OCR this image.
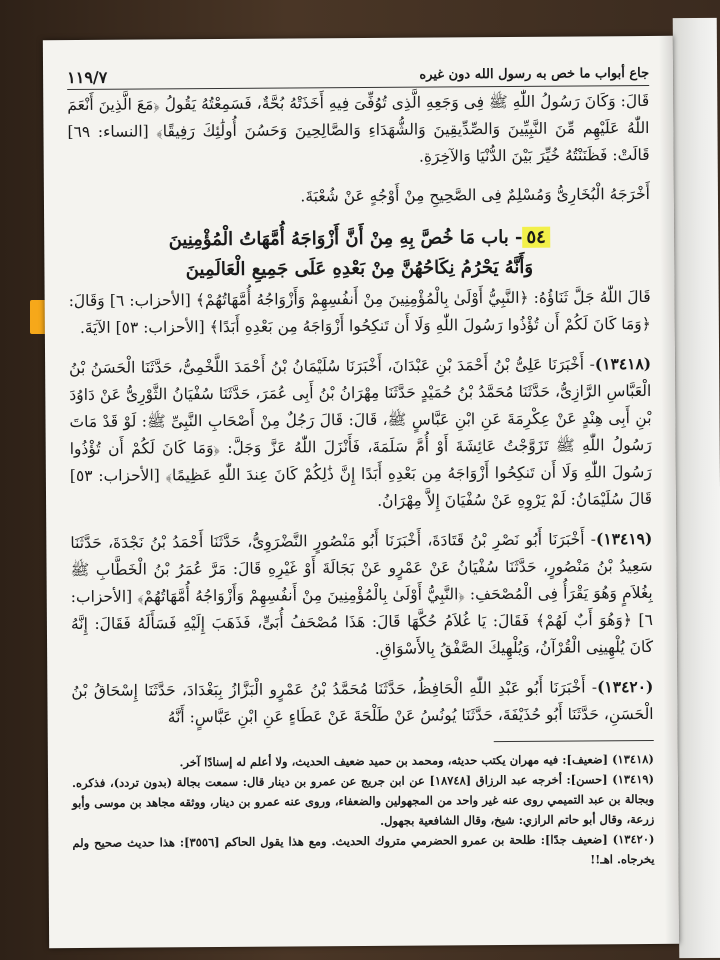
جاع أبواب ما خص به رسول الله دون غيره
١١٩/٧

قَالَ: وَكَانَ رَسُولُ اللّٰهِ ﷺ فِى وَجَعِهِ الَّذِى تُوُفِّىَ فِيهِ أَخَذَتْهُ بُحَّةٌ، فَسَمِعْتُهُ يَقُولُ ﴿مَعَ الَّذِينَ أَنْعَمَ اللّٰهُ عَلَيْهِم مِّنَ النَّبِيِّينَ وَالصِّدِّيقِينَ وَالشُّهَدَاءِ وَالصَّالِحِينَ وَحَسُنَ أُولَٰئِكَ رَفِيقًا﴾ [النساء: ٦٩] قَالَتْ: فَظَنَنْتُهُ خُيِّرَ بَيْنَ الدُّنْيَا وَالآخِرَةِ.

أَخْرَجَهُ الْبُخَارِىُّ وَمُسْلِمٌ فِى الصَّحِيحِ مِنْ أَوْجُهٍ عَنْ شُعْبَةَ.

٥٤- باب مَا خُصَّ بِهِ مِنْ أَنَّ أَزْوَاجَهُ أُمَّهَاتُ الْمُؤْمِنِينَ
وَأَنَّهُ يَحْرُمُ نِكَاحُهُنَّ مِنْ بَعْدِهِ عَلَى جَمِيعِ الْعَالَمِينَ

قَالَ اللّٰهُ جَلَّ ثَنَاؤُهُ: ﴿النَّبِيُّ أَوْلَىٰ بِالْمُؤْمِنِينَ مِنْ أَنفُسِهِمْ وَأَزْوَاجُهُ أُمَّهَاتُهُمْ﴾ [الأحزاب: ٦] وَقَالَ: ﴿وَمَا كَانَ لَكُمْ أَن تُؤْذُوا رَسُولَ اللّٰهِ وَلَا أَن تَنكِحُوا أَزْوَاجَهُ مِن بَعْدِهِ أَبَدًا﴾ [الأحزاب: ٥٣] الآيَةَ.

(١٣٤١٨)- أَخْبَرَنَا عَلِىُّ بْنُ أَحْمَدَ بْنِ عَبْدَانَ، أَخْبَرَنَا سُلَيْمَانُ بْنُ أَحْمَدَ اللَّخْمِىُّ، حَدَّثَنَا الْحَسَنُ بْنُ الْعَبَّاسِ الرَّازِىُّ، حَدَّثَنَا مُحَمَّدُ بْنُ حُمَيْدٍ حَدَّثَنَا مِهْرَانُ بْنُ أَبِى عُمَرَ، حَدَّثَنَا سُفْيَانُ الثَّوْرِىُّ عَنْ دَاوُدَ بْنِ أَبِى هِنْدٍ عَنْ عِكْرِمَةَ عَنِ ابْنِ عَبَّاسٍ ﷺ، قَالَ: قَالَ رَجُلٌ مِنْ أَصْحَابِ النَّبِىِّ ﷺ: لَوْ قَدْ مَاتَ رَسُولُ اللّٰهِ ﷺ تَزَوَّجْتُ عَائِشَةَ أَوْ أُمَّ سَلَمَةَ، فَأَنْزَلَ اللّٰهُ عَزَّ وَجَلَّ: ﴿وَمَا كَانَ لَكُمْ أَن تُؤْذُوا رَسُولَ اللّٰهِ وَلَا أَن تَنكِحُوا أَزْوَاجَهُ مِن بَعْدِهِ أَبَدًا إِنَّ ذَٰلِكُمْ كَانَ عِندَ اللّٰهِ عَظِيمًا﴾ [الأحزاب: ٥٣] قَالَ سُلَيْمَانُ: لَمْ يَرْوِهِ عَنْ سُفْيَانَ إِلاَّ مِهْرَانُ.

(١٣٤١٩)- أَخْبَرَنَا أَبُو نَصْرِ بْنُ قَتَادَةَ، أَخْبَرَنَا أَبُو مَنْصُورٍ النَّضْرَوِىُّ، حَدَّثَنَا أَحْمَدُ بْنُ نَجْدَةَ، حَدَّثَنَا سَعِيدُ بْنُ مَنْصُورٍ، حَدَّثَنَا سُفْيَانُ عَنْ عَمْرٍو عَنْ بَجَالَةَ أَوْ غَيْرِهِ قَالَ: مَرَّ عُمَرُ بْنُ الْخَطَّابِ ﷺ بِغُلاَمٍ وَهُوَ يَقْرَأُ فِى الْمُصْحَفِ: ﴿النَّبِيُّ أَوْلَىٰ بِالْمُؤْمِنِينَ مِنْ أَنفُسِهِمْ وَأَزْوَاجُهُ أُمَّهَاتُهُمْ﴾ [الأحزاب: ٦] ﴿وَهُوَ أَبٌ لَهُمْ﴾ فَقَالَ: يَا غُلاَمُ حُكَّهَا قَالَ: هَذَا مُصْحَفُ أُبَىٍّ، فَذَهَبَ إِلَيْهِ فَسَأَلَهُ فَقَالَ: إِنَّهُ كَانَ يُلْهِينِى الْقُرْآنُ، وَيُلْهِيكَ الصَّفْقُ بِالأَسْوَاقِ.

(١٣٤٢٠)- أَخْبَرَنَا أَبُو عَبْدِ اللّٰهِ الْحَافِظُ، حَدَّثَنَا مُحَمَّدُ بْنُ عَمْرٍو الْبَزَّازُ بِبَغْدَادَ، حَدَّثَنَا إِسْحَاقُ بْنُ الْحَسَنِ، حَدَّثَنَا أَبُو حُذَيْفَةَ، حَدَّثَنَا يُونُسُ عَنْ طَلْحَةَ عَنْ عَطَاءٍ عَنِ ابْنِ عَبَّاسٍ: أَنَّهُ

(١٣٤١٨) [ضعيف]: فيه مهران يكتب حديثه، ومحمد بن حميد ضعيف الحديث، ولا أعلم له إسنادًا آخر.

(١٣٤١٩) [حسن]: أخرجه عبد الرزاق [١٨٧٤٨] عن ابن جريج عن عمرو بن دينار قال: سمعت بجالة (بدون تردد)، فذكره. وبجالة بن عبد التميمي روى عنه غير واحد من المجهولين والضعفاء، وروى عنه عمرو بن دينار، ووثقه مجاهد بن موسى وأبو زرعة، وقال أبو حاتم الرازي: شيخ، وقال الشافعية بجهول.

(١٣٤٢٠) [ضعيف جدًا]: طلحة بن عمرو الحضرمي متروك الحديث. ومع هذا يقول الحاكم [٣٥٥٦]: هذا حديث صحيح ولم يخرجاه. اهـ!!
